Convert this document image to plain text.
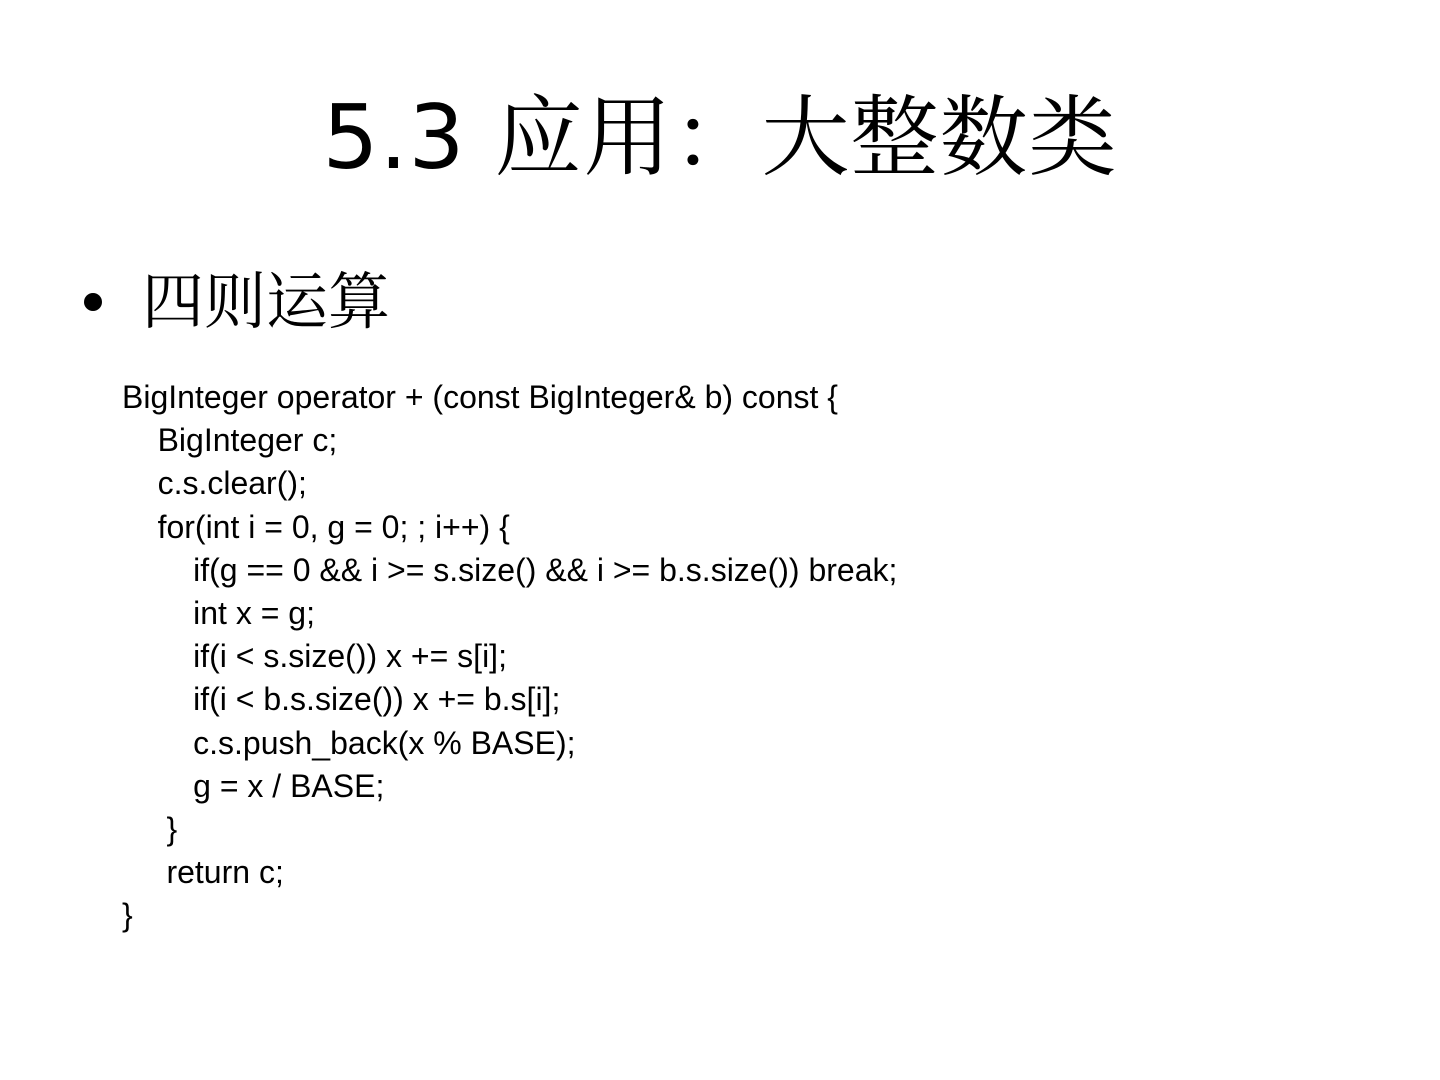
5.3 应用：大整数类
四则运算
BigInteger operator + (const BigInteger& b) const {
BigInteger c;
c.s.clear();
for(int i = 0, g = 0; ; i++) {
if(g == 0 && i >= s.size() && i >= b.s.size()) break;
int x = g;
if(i < s.size()) x += s[i];
if(i < b.s.size()) x += b.s[i];
c.s.push_back(x % BASE);
g = x / BASE;
}
return c;
}
